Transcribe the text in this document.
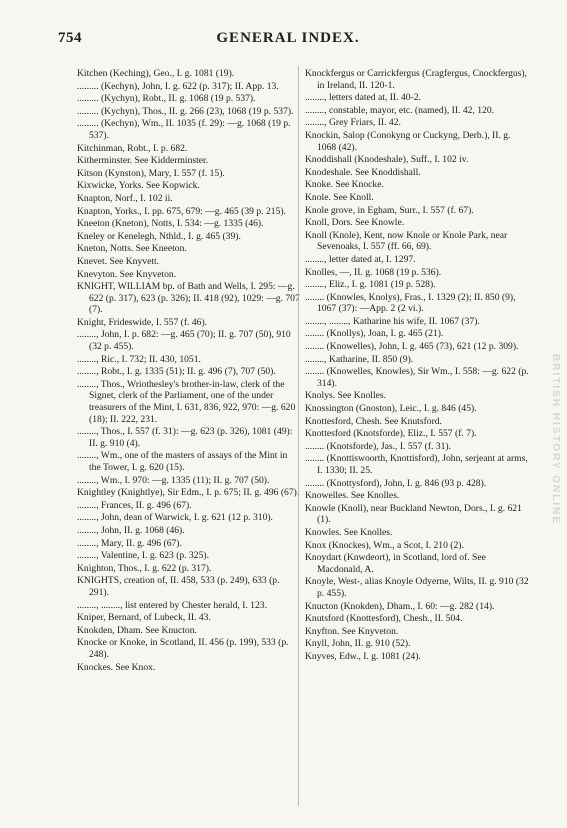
754	GENERAL INDEX.
Kitchen (Keching), Geo., I. g. 1081 (19).
......... (Kechyn), John, I. g. 622 (p. 317); II. App. 13.
......... (Kychyn), Robt., II. g. 1068 (19 p. 537).
......... (Kychyn), Thos., II. g. 266 (23), 1068 (19 p. 537).
......... (Kechyn), Wm., II. 1035 (f. 29): —g. 1068 (19 p. 537).
Kitchinman, Robt., I. p. 682.
Kitherminster. See Kidderminster.
Kitson (Kynston), Mary, I. 557 (f. 15).
Kixwicke, Yorks. See Kopwick.
Knapton, Norf., I. 102 ii.
Knapton, Yorks., I. pp. 675, 679: —g. 465 (39 p. 215).
Kneeton (Kneton), Notts, I. 534: —g. 1335 (46).
Kneley or Kenelegh, Nthld., I. g. 465 (39).
Kneton, Notts. See Kneeton.
Knevet. See Knyvett.
Knevyton. See Knyveton.
KNIGHT, WILLIAM bp. of Bath and Wells, I. 295: —g. 622 (p. 317), 623 (p. 326); II. 418 (92), 1029: —g. 707 (7).
Knight, Frideswide, I. 557 (f. 46).
........, John, I. p. 682: —g. 465 (70); II. g. 707 (50), 910 (32 p. 455).
........, Ric., I. 732; II. 430, 1051.
........, Robt., I. g. 1335 (51); II. g. 496 (7), 707 (50).
........, Thos., Wriothesley's brother-in-law, clerk of the Signet, clerk of the Parliament, one of the under treasurers of the Mint, I. 631, 836, 922, 970: —g. 620 (18); II. 222, 231.
........, Thos., I. 557 (f. 31): —g. 623 (p. 326), 1081 (49): II. g. 910 (4).
........, Wm., one of the masters of assays of the Mint in the Tower, I. g. 620 (15).
........, Wm., I. 970: —g. 1335 (11); II. g. 707 (50).
Knightley (Knightlye), Sir Edm., I. p. 675; II. g. 496 (67).
........, Frances, II. g. 496 (67).
........, John, dean of Warwick, I. g. 621 (12 p. 310).
........, John, II. g. 1068 (46).
........, Mary, II. g. 496 (67).
........, Valentine, I. g. 623 (p. 325).
Knighton, Thos., I. g. 622 (p. 317).
KNIGHTS, creation of, II. 458, 533 (p. 249), 633 (p. 291).
........, ........, list entered by Chester herald, I. 123.
Kniper, Bernard, of Lubeck, II. 43.
Knokden, Dham. See Knucton.
Knocke or Knoke, in Scotland, II. 456 (p. 199), 533 (p. 248).
Knockes. See Knox.
Knockfergus or Carrickfergus (Cragfergus, Cnockfergus), in Ireland, II. 120-1.
........, letters dated at, II. 40-2.
........, constable, mayor, etc. (named), II. 42, 120.
........, Grey Friars, II. 42.
Knockin, Salop (Conokyng or Cuckyng, Derb.), II. g. 1068 (42).
Knoddishall (Knodeshale), Suff., I. 102 iv.
Knodeshale. See Knoddishall.
Knoke. See Knocke.
Knole. See Knoll.
Knole grove, in Egham, Surr., I. 557 (f. 67).
Knoll, Dors. See Knowle.
Knoll (Knole), Kent, now Knole or Knole Park, near Sevenoaks, I. 557 (ff. 66, 69).
........, letter dated at, I. 1297.
Knolles, —, II. g. 1068 (19 p. 536).
........, Eliz., I. g. 1081 (19 p. 528).
........ (Knowles, Knolys), Fras., I. 1329 (2); II. 850 (9), 1067 (37): —App. 2 (2 vi.).
........, ........, Katharine his wife, II. 1067 (37).
........ (Knollys), Joan, I. g. 465 (21).
........ (Knowelles), John, I. g. 465 (73), 621 (12 p. 309).
........, Katharine, II. 850 (9).
........ (Knowelles, Knowles), Sir Wm., I. 558: —g. 622 (p. 314).
Knolys. See Knolles.
Knossington (Gnoston), Leic., I. g. 846 (45).
Knottesford, Chesh. See Knutsford.
Knottesford (Knotsforde), Eliz., I. 557 (f. 7).
........ (Knotsforde), Jas., I. 557 (f. 31).
........ (Knottiswoorth, Knottisford), John, serjeant at arms, I. 1330; II. 25.
........ (Knottysford), John, I. g. 846 (93 p. 428).
Knowelles. See Knolles.
Knowle (Knoll), near Buckland Newton, Dors., I. g. 621 (1).
Knowles. See Knolles.
Knox (Knockes), Wm., a Scot, I. 210 (2).
Knoydart (Knwdeort), in Scotland, lord of. See Macdonald, A.
Knoyle, West-, alias Knoyle Odyerne, Wilts, II. g. 910 (32 p. 455).
Knucton (Knokden), Dham., I. 60: —g. 282 (14).
Knutsford (Knottesford), Chesh., II. 504.
Knyfton. See Knyveton.
Knyll, John, II. g. 910 (52).
Knyves, Edw., I. g. 1081 (24).
BRITISH HISTORY ONLINE
